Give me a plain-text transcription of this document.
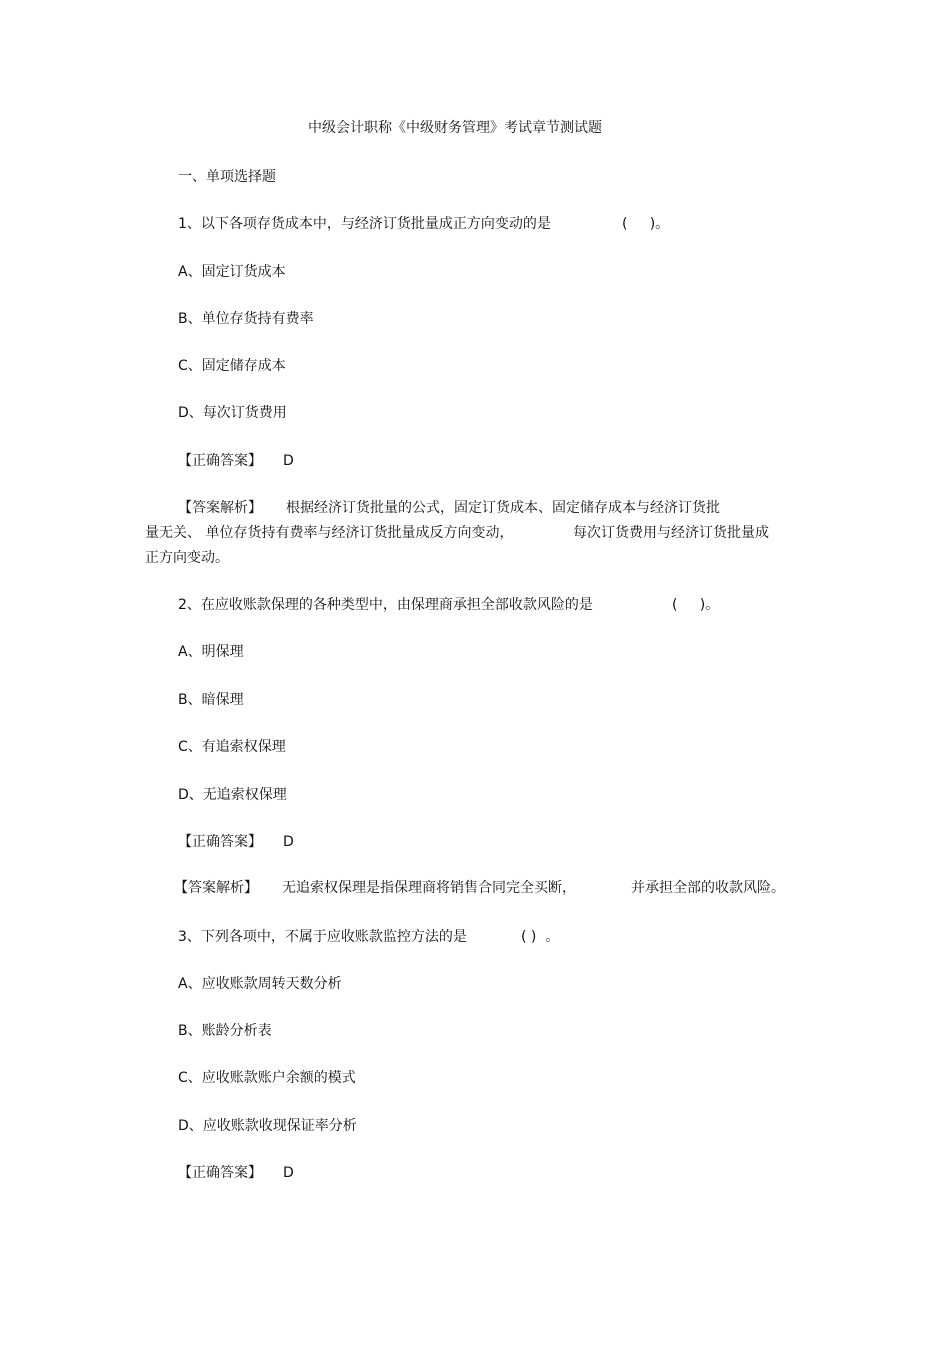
中级会计职称《中级财务管理》考试章节测试题
一、单项选择题
1、以下各项存货成本中，与经济订货批量成正方向变动的是	(     )。
A、固定订货成本
B、单位存货持有费率
C、固定储存成本
D、每次订货费用
【正确答案】 D
【答案解析】 根据经济订货批量的公式，固定订货成本、固定储存成本与经济订货批
量无关、 单位存货持有费率与经济订货批量成反方向变动，	每次订货费用与经济订货批量成
正方向变动。
2、在应收账款保理的各种类型中，由保理商承担全部收款风险的是	(     )。
A、明保理
B、暗保理
C、有追索权保理
D、无追索权保理
【正确答案】 D
【答案解析】 无追索权保理是指保理商将销售合同完全买断，	并承担全部的收款风险。
3、下列各项中，不属于应收账款监控方法的是	( )  。
A、应收账款周转天数分析
B、账龄分析表
C、应收账款账户余额的模式
D、应收账款收现保证率分析
【正确答案】 D
